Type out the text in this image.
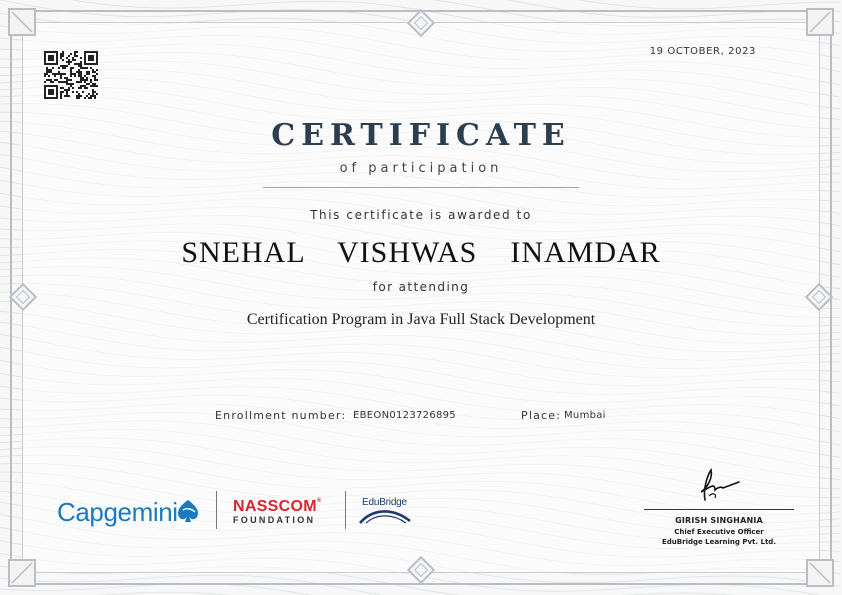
19 OCTOBER, 2023
CERTIFICATE
of participation
This certificate is awarded to
SNEHAL  VISHWAS  INAMDAR
for attending
Certification Program in Java Full Stack Development
Enrollment number: EBEON0123726895	Place: Mumbai
Capgemini	NASSCOM®
FOUNDATION
EduBridge
GIRISH SINGHANIA
Chief Executive Officer
EduBridge Learning Pvt. Ltd.
